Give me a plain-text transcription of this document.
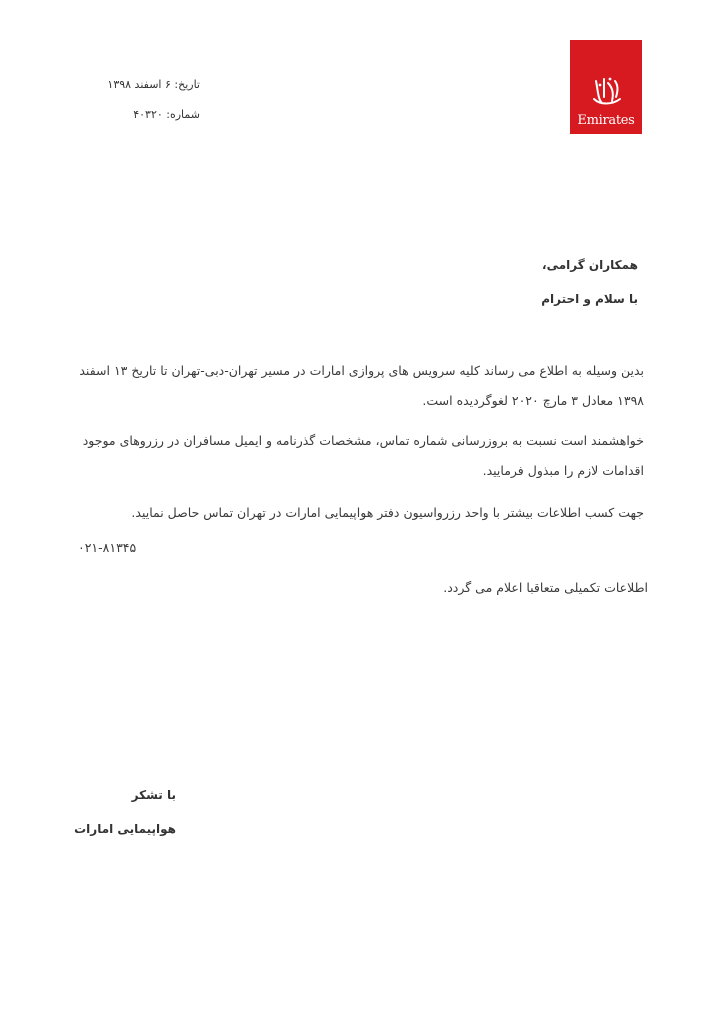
Emirates
تاریخ: ۶ اسفند ۱۳۹۸
شماره: ۴۰۳۲۰
همکاران گرامی،
با سلام و احترام
بدین وسیله به اطلاع می رساند کلیه سرویس های پروازی امارات در مسیر تهران-دبی-تهران تا تاریخ ۱۳ اسفند ۱۳۹۸ معادل ۳ مارچ ۲۰۲۰ لغوگردیده است.
خواهشمند است نسبت به بروزرسانی شماره تماس، مشخصات گذرنامه و ایمیل مسافران در رزروهای موجود اقدامات لازم را مبذول فرمایید.
جهت کسب اطلاعات بیشتر با واحد رزرواسیون دفتر هواپیمایی امارات در تهران تماس حاصل نمایید.
۰۲۱-۸۱۳۴۵
اطلاعات تکمیلی متعاقبا اعلام می گردد.
با تشکر
هواپیمایی امارات
